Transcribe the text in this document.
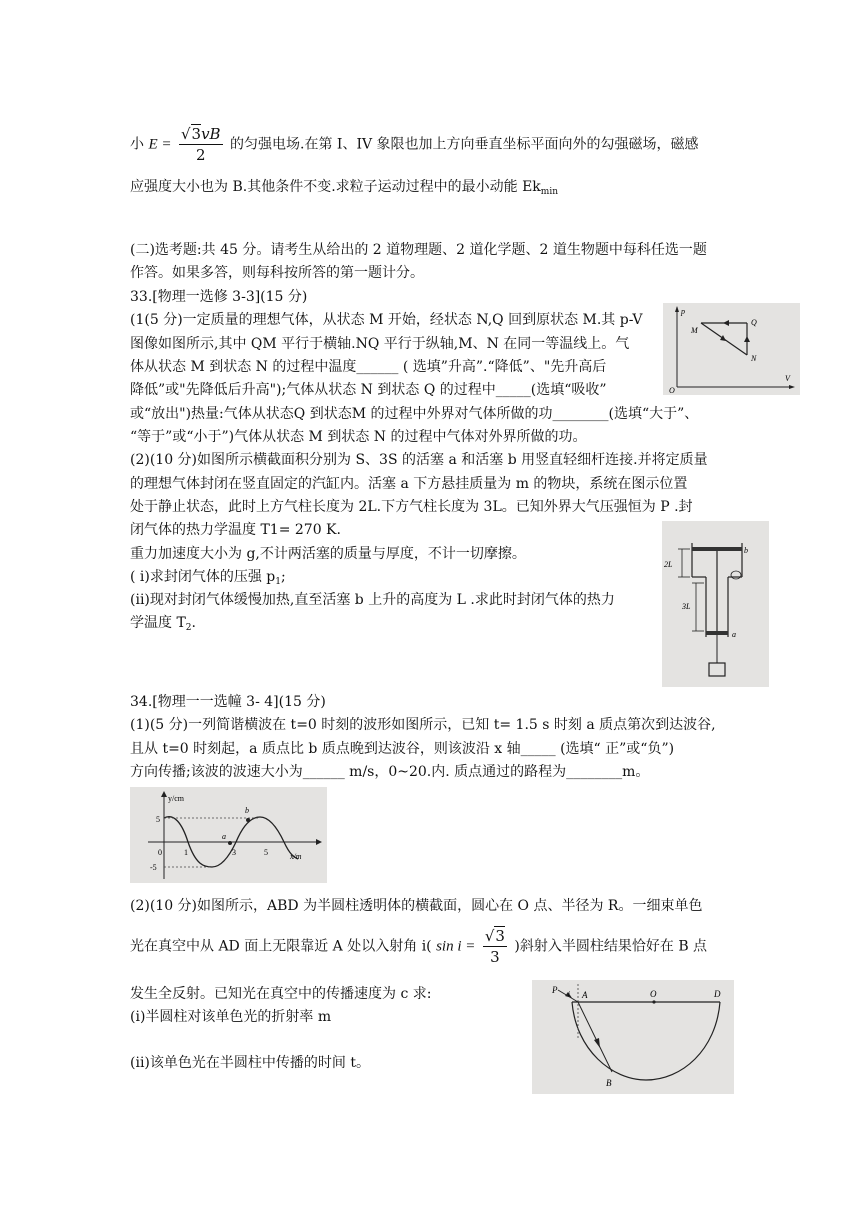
小 $E = \frac{√3vB}{2}$ 的匀强电场.在第 I、IV 象限也加上方向垂直坐标平面向外的勾强磁场，磁感
应强度大小也为 B.其他条件不变.求粒子运动过程中的最小动能 $Ek_{min}$
(二)选考题:共 45 分。请考生从给出的 2 道物理题、2 道化学题、2 道生物题中每科任选一题
作答。如果多答，则每科按所答的第一题计分。
33.[物理一选修 3-3](15 分)
(1(5 分)一定质量的理想气体，从状态 M 开始，经状态 N,Q 回到原状态 M.其 p-V
图像如图所示,其中 QM 平行于横轴.NQ 平行于纵轴,M、N 在同一等温线上。气
体从状态 M 到状态 N 的过程中温度______ ( 选填”升高”.“降低”、"先升高后
降低”或"先降低后升高");气体从状态 N 到状态 Q 的过程中_____(选填“吸收”
或“放出")热量:气体从状态Q 到状态M 的过程中外界对气体所做的功________(选填“大于”、
“等于”或“小于”)气体从状态 M 到状态 N 的过程中气体对外界所做的功。
(2)(10 分)如图所示横截面积分别为 S、3S 的活塞 a 和活塞 b 用竖直轻细杆连接.并将定质量
的理想气体封闭在竖直固定的汽缸内。活塞 a 下方悬挂质量为 m 的物块，系统在图示位置
处于静止状态，此时上方气柱长度为 2L.下方气柱长度为 3L。已知外界大气压强恒为 P .封
闭气体的热力学温度 T1= 270 K.
重力加速度大小为 g,不计两活塞的质量与厚度，不计一切摩擦。
( i)求封闭气体的压强 $p_1$;
(ii)现对封闭气体缓慢加热,直至活塞 b 上升的高度为 L .求此时封闭气体的热力
学温度 $T_2$.
34.[物理一一选幢 3- 4](15 分)
(1)(5 分)一列简谐横波在 t=0 时刻的波形如图所示，已知 t= 1.5 s 时刻 a 质点第次到达波谷,
且从 t=0 时刻起，a 质点比 b 质点晚到达波谷，则该波沿 x 轴_____ (选填“ 正”或“负”)
方向传播;该波的波速大小为______ m/s，0~20.内. 质点通过的路程为________m。
(2)(10 分)如图所示，ABD 为半圆柱透明体的横截面，圆心在 O 点、半径为 R。一细束单色
光在真空中从 AD 面上无限靠近 A 处以入射角 i( $\sin i = \frac{√3}{3}$ )斜射入半圆柱结果恰好在 B 点
发生全反射。已知光在真空中的传播速度为 c 求:
(i)半圆柱对该单色光的折射率 m
(ii)该单色光在半圆柱中传播的时间 t。
p
V
O
M
Q
N
b
a
2L
3L
y/cm
x/m
5
-5
0	1	3	5
a
b
P i A	O	D
B
